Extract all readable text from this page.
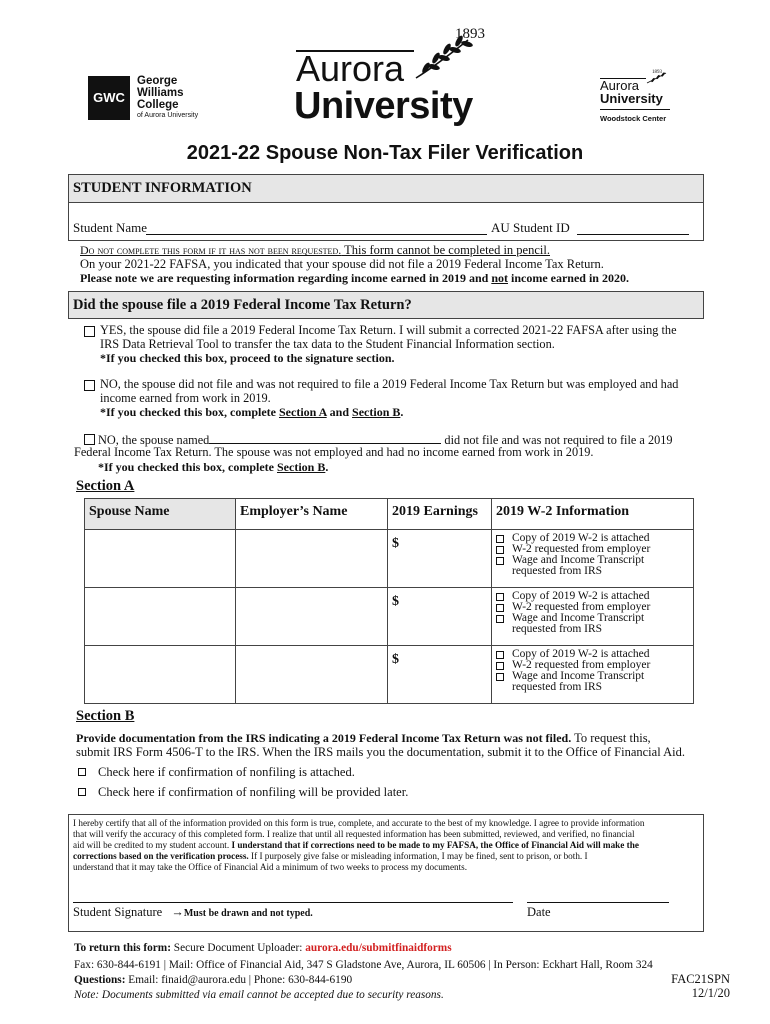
GWC
George
Williams
College
of Aurora University
1893
Aurora
University
1893
Aurora
University
Woodstock Center
2021-22 Spouse Non-Tax Filer Verification
STUDENT INFORMATION
Student Name	AU Student ID
Do not complete this form if it has not been requested. This form cannot be completed in pencil.
On your 2021-22 FAFSA, you indicated that your spouse did not file a 2019 Federal Income Tax Return.
Please note we are requesting information regarding income earned in 2019 and not income earned in 2020.
Did the spouse file a 2019 Federal Income Tax Return?
YES, the spouse did file a 2019 Federal Income Tax Return. I will submit a corrected 2021-22 FAFSA after using the
IRS Data Retrieval Tool to transfer the tax data to the Student Financial Information section.
*If you checked this box, proceed to the signature section.
NO, the spouse did not file and was not required to file a 2019 Federal Income Tax Return but was employed and had
income earned from work in 2019.
*If you checked this box, complete Section A and Section B.
NO, the spouse named	did not file and was not required to file a 2019
Federal Income Tax Return. The spouse was not employed and had no income earned from work in 2019.
*If you checked this box, complete Section B.
Section A
Spouse Name	Employer’s Name	2019 Earnings	2019 W-2 Information

		$	Copy of 2019 W-2 is attached
W-2 requested from employer
Wage and Income Transcript
requested from IRS

		$	Copy of 2019 W-2 is attached
W-2 requested from employer
Wage and Income Transcript
requested from IRS

		$	Copy of 2019 W-2 is attached
W-2 requested from employer
Wage and Income Transcript
requested from IRS
Section B
Provide documentation from the IRS indicating a 2019 Federal Income Tax Return was not filed. To request this,
submit IRS Form 4506-T to the IRS. When the IRS mails you the documentation, submit it to the Office of Financial Aid.
Check here if confirmation of nonfiling is attached.
Check here if confirmation of nonfiling will be provided later.
I hereby certify that all of the information provided on this form is true, complete, and accurate to the best of my knowledge. I agree to provide information
that will verify the accuracy of this completed form. I realize that until all requested information has been submitted, reviewed, and verified, no financial
aid will be credited to my student account. I understand that if corrections need to be made to my FAFSA, the Office of Financial Aid will make the
corrections based on the verification process. If I purposely give false or misleading information, I may be fined, sent to prison, or both. I
understand that it may take the Office of Financial Aid a minimum of two weeks to process my documents.
Student Signature →Must be drawn and not typed.	Date
To return this form: Secure Document Uploader: aurora.edu/submitfinaidforms
Fax: 630-844-6191 | Mail: Office of Financial Aid, 347 S Gladstone Ave, Aurora, IL 60506 | In Person: Eckhart Hall, Room 324
Questions: Email: finaid@aurora.edu | Phone: 630-844-6190
Note: Documents submitted via email cannot be accepted due to security reasons.
FAC21SPN
12/1/20
